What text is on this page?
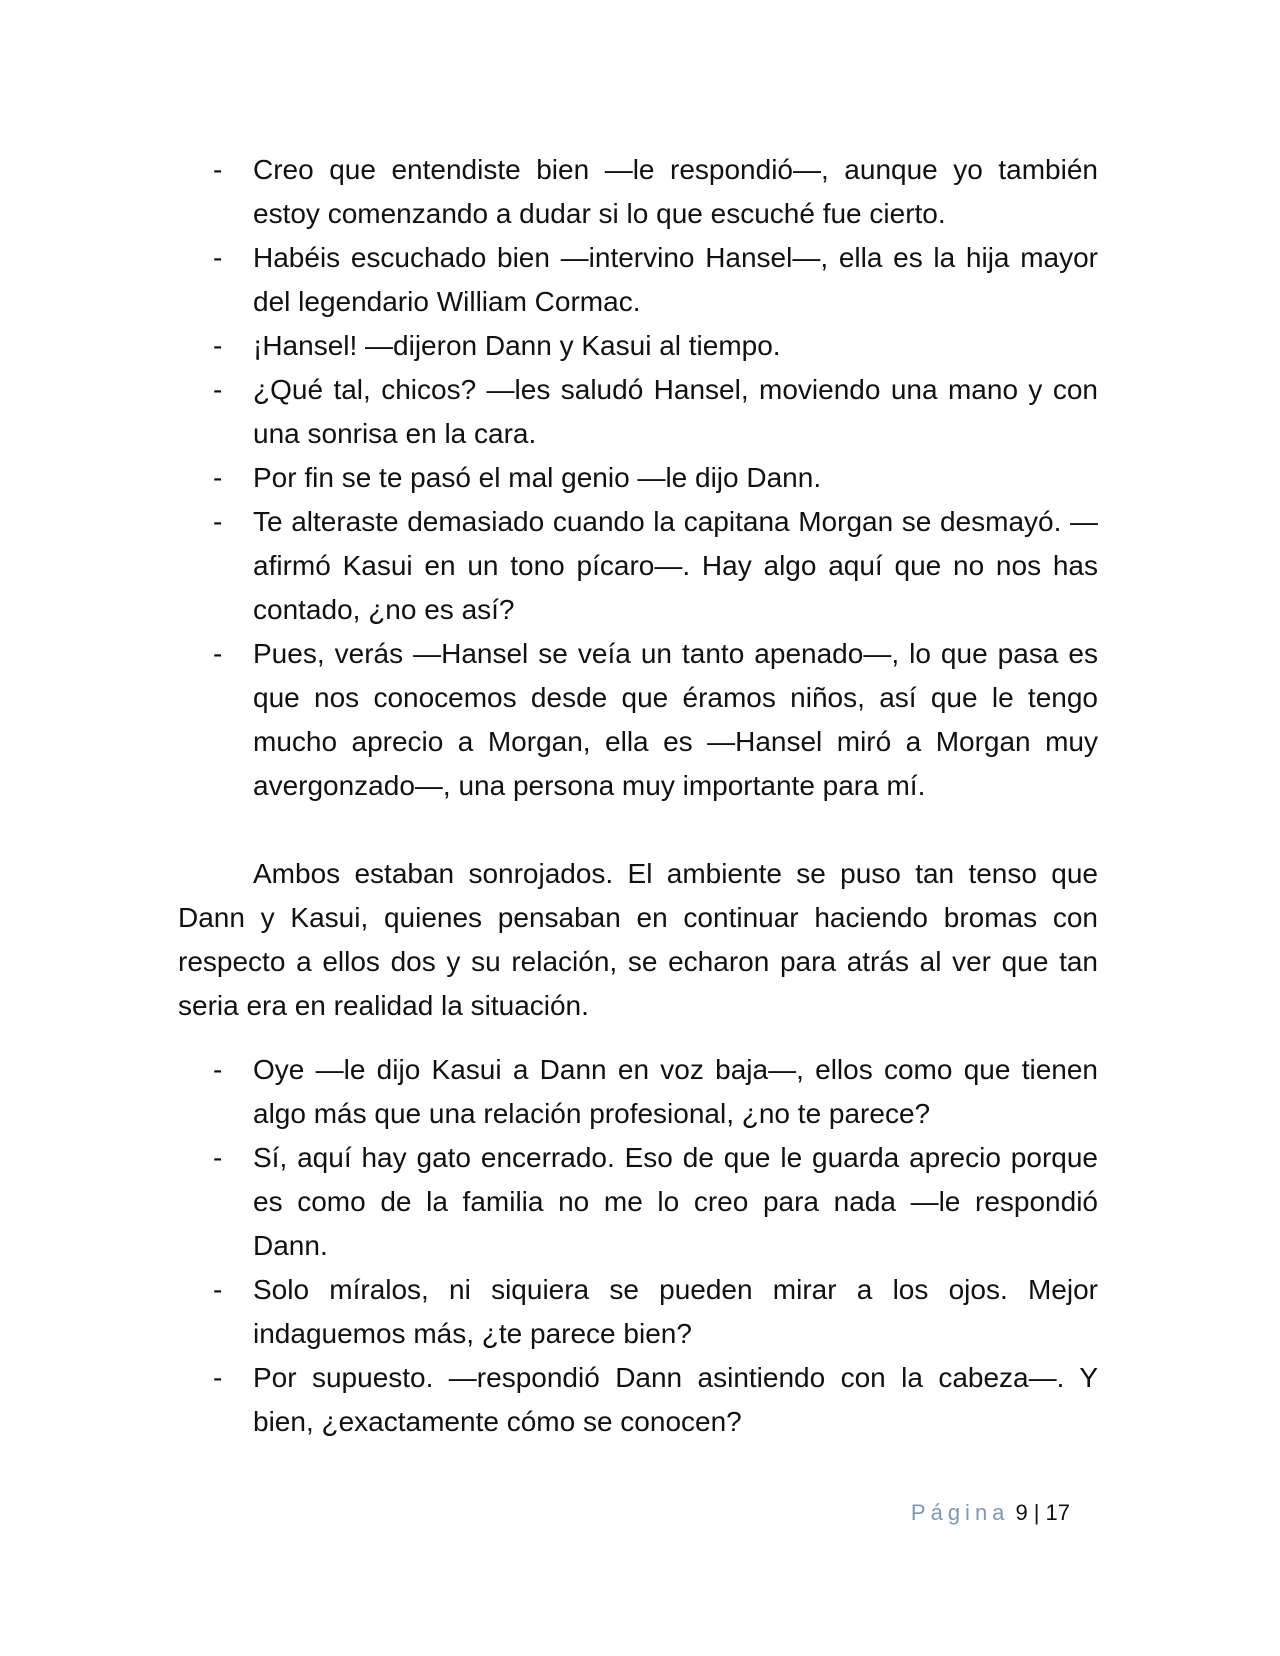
- Creo que entendiste bien —le respondió—, aunque yo también estoy comenzando a dudar si lo que escuché fue cierto.
- Habéis escuchado bien —intervino Hansel—, ella es la hija mayor del legendario William Cormac.
- ¡Hansel! —dijeron Dann y Kasui al tiempo.
- ¿Qué tal, chicos? —les saludó Hansel, moviendo una mano y con una sonrisa en la cara.
- Por fin se te pasó el mal genio —le dijo Dann.
- Te alteraste demasiado cuando la capitana Morgan se desmayó. —afirmó Kasui en un tono pícaro—. Hay algo aquí que no nos has contado, ¿no es así?
- Pues, verás —Hansel se veía un tanto apenado—, lo que pasa es que nos conocemos desde que éramos niños, así que le tengo mucho aprecio a Morgan, ella es —Hansel miró a Morgan muy avergonzado—, una persona muy importante para mí.

Ambos estaban sonrojados. El ambiente se puso tan tenso que Dann y Kasui, quienes pensaban en continuar haciendo bromas con respecto a ellos dos y su relación, se echaron para atrás al ver que tan seria era en realidad la situación.

- Oye —le dijo Kasui a Dann en voz baja—, ellos como que tienen algo más que una relación profesional, ¿no te parece?
- Sí, aquí hay gato encerrado. Eso de que le guarda aprecio porque es como de la familia no me lo creo para nada —le respondió Dann.
- Solo míralos, ni siquiera se pueden mirar a los ojos. Mejor indaguemos más, ¿te parece bien?
- Por supuesto. —respondió Dann asintiendo con la cabeza—. Y bien, ¿exactamente cómo se conocen?
Página 9 | 17
